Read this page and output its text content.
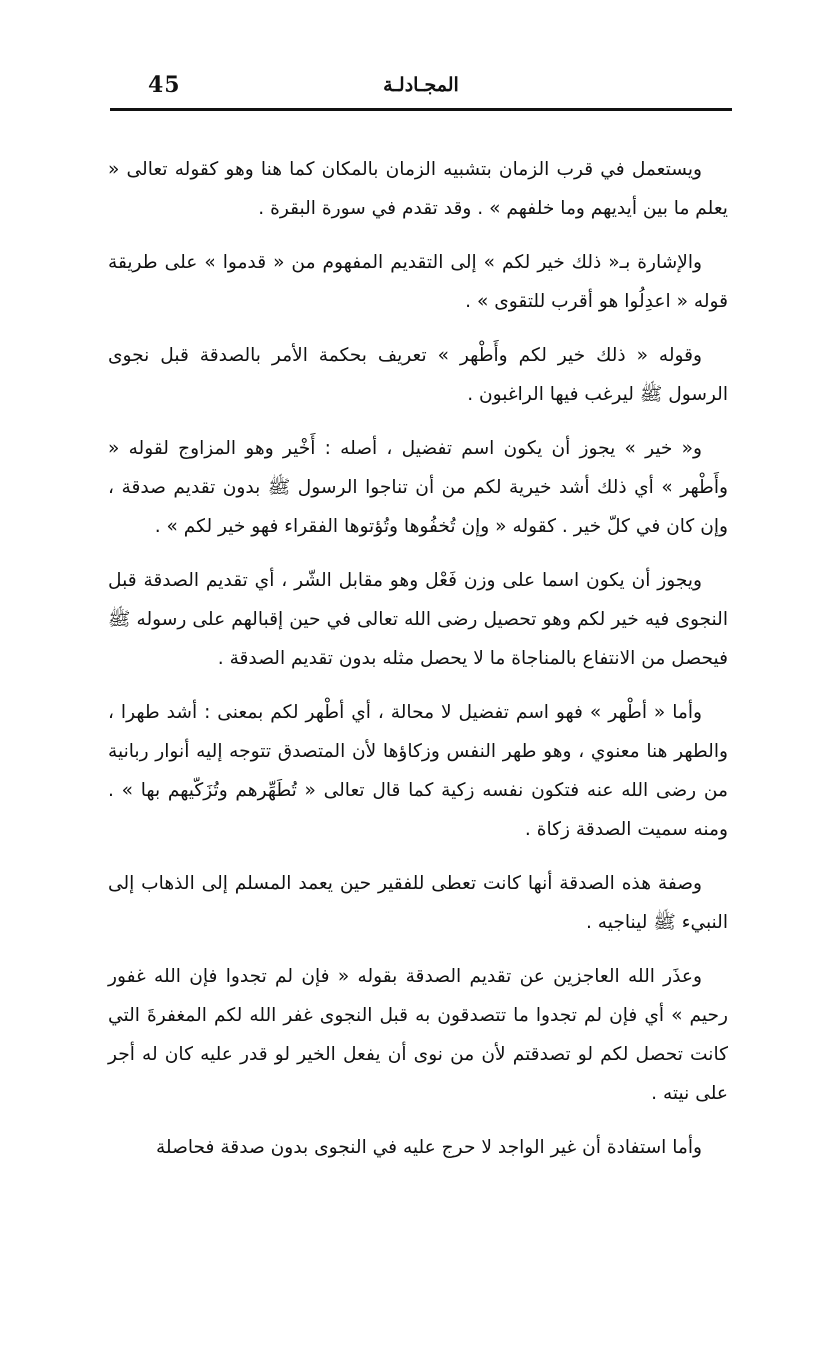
45	المجـادلـة

ويستعمل في قرب الزمان بتشبيه الزمان بالمكان كما هنا وهو كقوله تعالى « يعلم ما بين أيديهم وما خلفهم » . وقد تقدم في سورة البقرة .

والإشارة بـ« ذلك خير لكم » إلى التقديم المفهوم من « قدموا » على طريقة قوله « اعدِلُوا هو أقرب للتقوى » .

وقوله « ذلك خير لكم وأَطْهر » تعريف بحكمة الأمر بالصدقة قبل نجوى الرسول ﷺ ليرغب فيها الراغبون .

و« خير » يجوز أن يكون اسم تفضيل ، أصله : أَخْير وهو المزاوج لقوله « وأَطْهر » أي ذلك أشد خيرية لكم من أن تناجوا الرسول ﷺ بدون تقديم صدقة ، وإن كان في كلّ خير . كقوله « وإن تُخفُوها وتُؤتوها الفقراء فهو خير لكم » .

ويجوز أن يكون اسما على وزن فَعْل وهو مقابل الشّر ، أي تقديم الصدقة قبل النجوى فيه خير لكم وهو تحصيل رضى الله تعالى في حين إقبالهم على رسوله ﷺ فيحصل من الانتفاع بالمناجاة ما لا يحصل مثله بدون تقديم الصدقة .

وأما « أطْهر » فهو اسم تفضيل لا محالة ، أي أطْهر لكم بمعنى : أشد طهرا ، والطهر هنا معنوي ، وهو طهر النفس وزكاؤها لأن المتصدق تتوجه إليه أنوار ربانية من رضى الله عنه فتكون نفسه زكية كما قال تعالى « تُطَهِّرهم وتُزَكّيهم بها » . ومنه سميت الصدقة زكاة .

وصفة هذه الصدقة أنها كانت تعطى للفقير حين يعمد المسلم إلى الذهاب إلى النبيء ﷺ ليناجيه .

وعذَر الله العاجزين عن تقديم الصدقة بقوله « فإن لم تجدوا فإن الله غفور رحيم » أي فإن لم تجدوا ما تتصدقون به قبل النجوى غفر الله لكم المغفرةَ التي كانت تحصل لكم لو تصدقتم لأن من نوى أن يفعل الخير لو قدر عليه كان له أجر على نيته .

وأما استفادة أن غير الواجد لا حرج عليه في النجوى بدون صدقة فحاصلة
